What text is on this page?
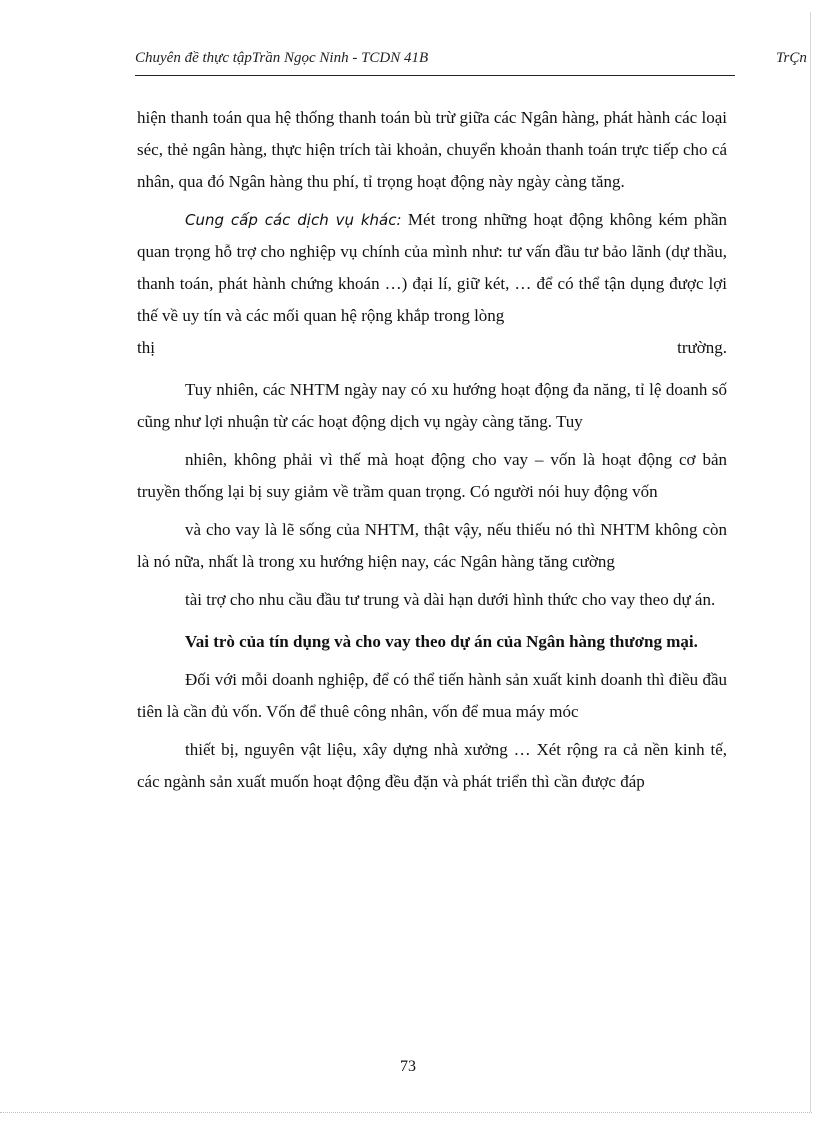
Chuyên đề thực tậpTrần Ngọc Ninh - TCDN 41B	TrÇn

hiện thanh toán qua hệ thống thanh toán bù trừ giữa các Ngân hàng, phát hành các loại séc, thẻ ngân hàng, thực hiện trích tài khoản, chuyển khoản thanh toán trực tiếp cho cá nhân, qua đó Ngân hàng thu phí, tỉ trọng hoạt động này ngày càng tăng.

Cung cấp các dịch vụ khác: Mét trong những hoạt động không kém phần quan trọng hỗ trợ cho nghiệp vụ chính của mình như: tư vấn đầu tư bảo lãnh (dự thầu, thanh toán, phát hành chứng khoán …) đại lí, giữ két, … để có thể tận dụng được lợi thế về uy tín và các mối quan hệ rộng khắp trong lòng

thị	trường.

Tuy nhiên, các NHTM ngày nay có xu hướng hoạt động đa năng, tỉ lệ doanh số cũng như lợi nhuận từ các hoạt động dịch vụ ngày càng tăng. Tuy

nhiên, không phải vì thế mà hoạt động cho vay – vốn là hoạt động cơ bản truyền thống lại bị suy giảm về trầm quan trọng. Có người nói huy động vốn

và cho vay là lẽ sống của NHTM, thật vậy, nếu thiếu nó thì NHTM không còn là nó nữa, nhất là trong xu hướng hiện nay, các Ngân hàng tăng cường

tài trợ cho nhu cầu đầu tư trung và dài hạn dưới hình thức cho vay theo dự án.

Vai trò của tín dụng và cho vay theo dự án của Ngân hàng thương mại.

Đối với mỗi doanh nghiệp, để có thể tiến hành sản xuất kinh doanh thì điều đầu tiên là cần đủ vốn. Vốn để thuê công nhân, vốn để mua máy móc

thiết bị, nguyên vật liệu, xây dựng nhà xưởng … Xét rộng ra cả nền kinh tế, các ngành sản xuất muốn hoạt động đều đặn và phát triển thì cần được đáp

73
